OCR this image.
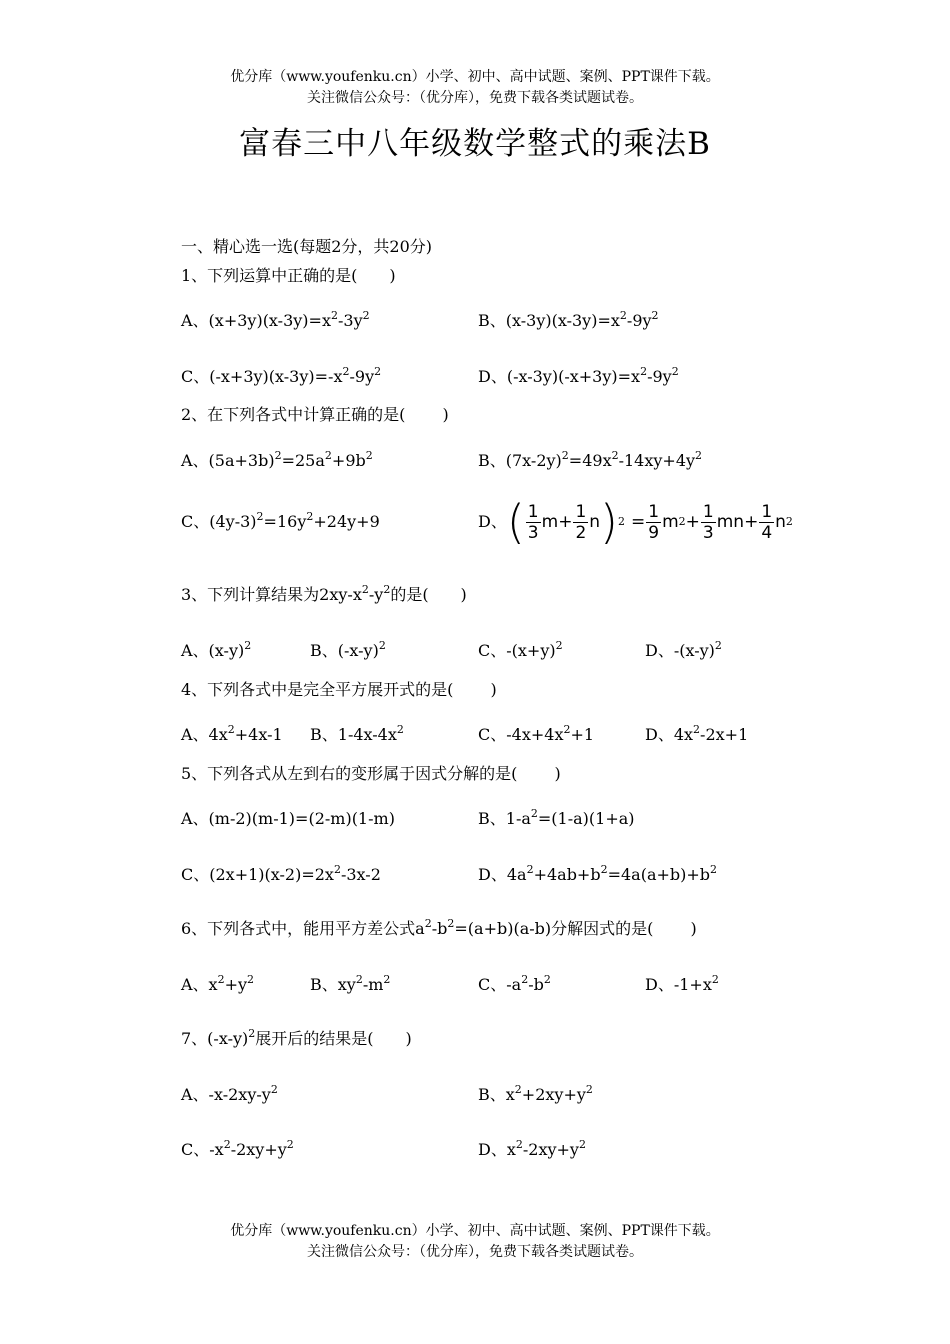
优分库（www.youfenku.cn）小学、初中、高中试题、案例、PPT课件下载。
关注微信公众号：（优分库），免费下载各类试题试卷。
富春三中八年级数学整式的乘法B
一、精心选一选(每题2分，共20分)
1、下列运算中正确的是(　　)
A、$(x+3y)(x-3y)=x^2-3y^2$	B、$(x-3y)(x-3y)=x^2-9y^2$
C、$(-x+3y)(x-3y)=-x^2-9y^2$	D、$(-x-3y)(-x+3y)=x^2-9y^2$
2、在下列各式中计算正确的是(　　 )
A、$(5a+3b)^2=25a^2+9b^2$	B、$(7x-2y)^2=49x^2-14xy+4y^2$
C、$(4y-3)^2=16y^2+24y+9$	D、 ( $\frac{1}{3}$ $m + \frac{1}{2}$ n ) $2 = \frac{1}{9}$ m $2 + \frac{1}{3}$ mn + $\frac{1}{4}$ n 2
3、下列计算结果为$2xy-x^2-y^2$的是(　　)
A、$(x-y)^2$	B、$(-x-y)^2$	C、$-(x+y)^2$	D、$-(x-y)^2$
4、下列各式中是完全平方展开式的是(　　 )
A、$4x^2+4x-1$ B、$1-4x-4x^2$	C、$-4x+4x^2+1$	D、$4x^2-2x+1$
5、下列各式从左到右的变形属于因式分解的是(　　 )
A、(m-2)(m-1)=(2-m)(1-m)	B、$1-a^2=(1-a)(1+a)$
C、$(2x+1)(x-2)=2x^2-3x-2$	D、$4a^2+4ab+b^2=4a(a+b)+b^2$
6、下列各式中，能用平方差公式$a^2-b^2=(a+b)(a-b)$分解因式的是(　　 )
A、$x^2+y^2$	B、$xy^2-m^2$	C、$-a^2-b^2$	D、$-1+x^2$
7、$(-x-y)^2$展开后的结果是(　　)
A、$-x-2xy-y^2$	B、$x^2+2xy+y^2$
C、$-x^2-2xy+y^2$	D、$x^2-2xy+y^2$
优分库（www.youfenku.cn）小学、初中、高中试题、案例、PPT课件下载。
关注微信公众号：（优分库），免费下载各类试题试卷。
